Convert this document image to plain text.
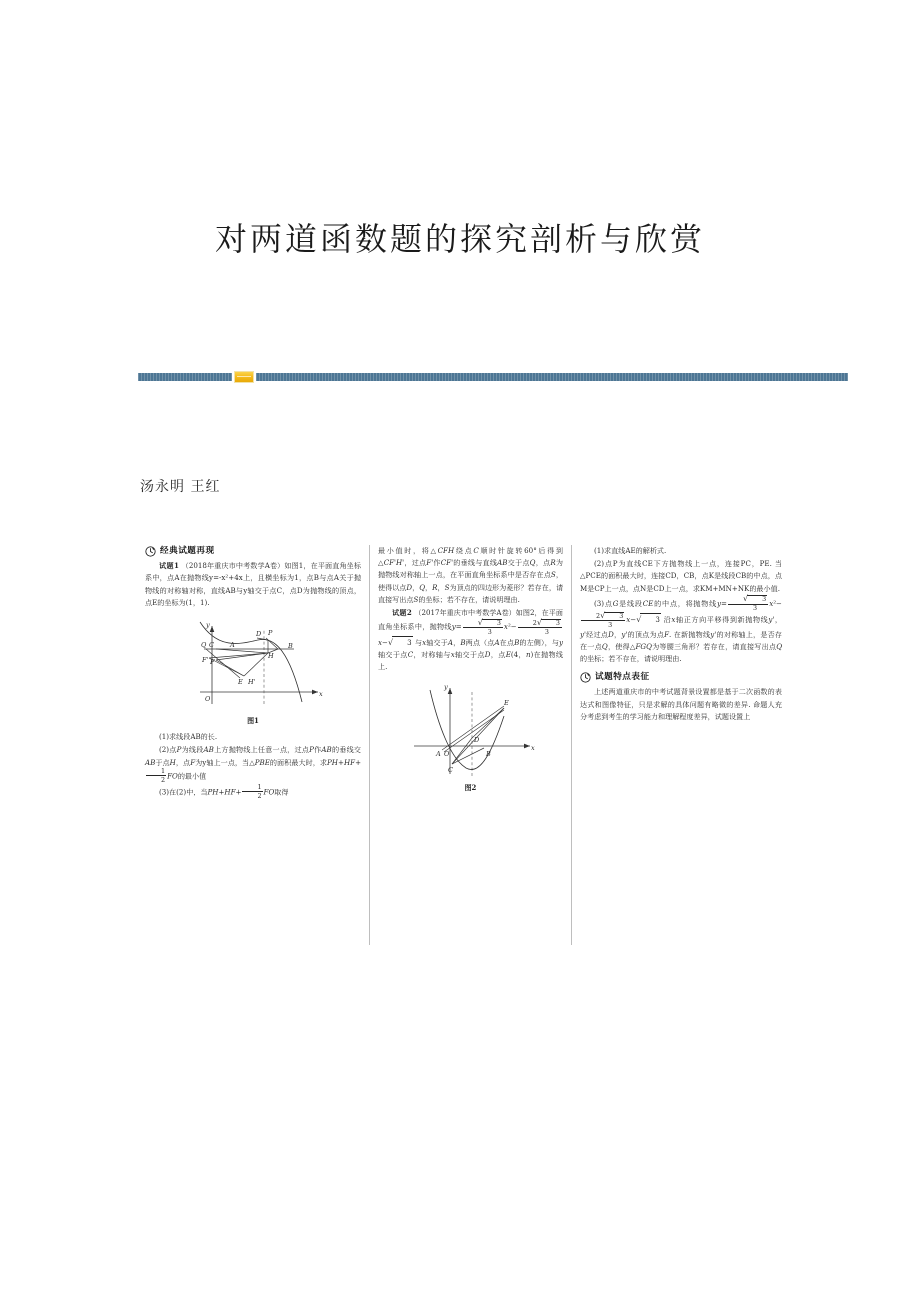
对两道函数题的探究剖析与欣赏
汤永明 王红
经典试题再现

试题1 （2018年重庆市中考数学A卷）如图1，在平面直角坐标系中，点A在抛物线y=-x²+4x上，且横坐标为1，点B与点A关于抛物线的对称轴对称，直线AB与y轴交于点C，点D为抛物线的顶点，点E的坐标为(1，1).

y
x
O
Q C A
D P
B
F' F
H
E H'
图1

(1)求线段AB的长.

(2)点P为线段AB上方抛物线上任意一点，过点P作AB的垂线交AB于点H，点F为y轴上一点，当△PBE的面积最大时，求PH+HF+
$\frac{1}{2}$ FO的最小值

(3)在(2)中，当$PH+HF+ \frac{1}{2}$ FO取得

最小值时，将△CFH绕点C顺时针旋转60°后得到△CF'H'，过点F'作CF'的垂线与直线AB交于点Q，点R为抛物线对称轴上一点，在平面直角坐标系中是否存在点S，使得以点D，Q，R，S为顶点的四边形为菱形？若存在，请直接写出点S的坐标；若不存在，请说明理由.

试题2 （2017年重庆市中考数学A卷）如图2，在平面直角坐标系中，抛物线$y= \frac{√ 3}{3} x^2- \frac{2√ 3}{3}$
x−√ 3 与x轴交于A，B两点（点A在点B的左侧），与y轴交于点C，对称轴与x轴交于点D，点E(4，n)在抛物线上.

y
x
A O
D
B
C
E
图2

(1)求直线AE的解析式.

(2)点P为直线CE下方抛物线上一点，连接PC，PE. 当△PCE的面积最大时，连接CD，CB，点K是线段CB的中点，点M是CP上一点，点N是CD上一点，求KM+MN+NK的最小值.

(3)点G是线段CE的中点，将抛物线$y= \frac{√ 3}{3} x^2-$
$\frac{2√ 3}{3} x-√$ 3 沿x轴正方向平移得到新抛物线y'，y'经过点D，y'的顶点为点F. 在新抛物线y'的对称轴上，是否存在一点Q，使得△FGQ为等腰三角形？若存在，请直接写出点Q的坐标；若不存在，请说明理由.

试题特点表征

上述两道重庆市的中考试题背景设置都是基于二次函数的表达式和图像特征，只是求解的具体问题有略微的差异. 命题人充分考虑到考生的学习能力和理解程度差异，试题设置上
